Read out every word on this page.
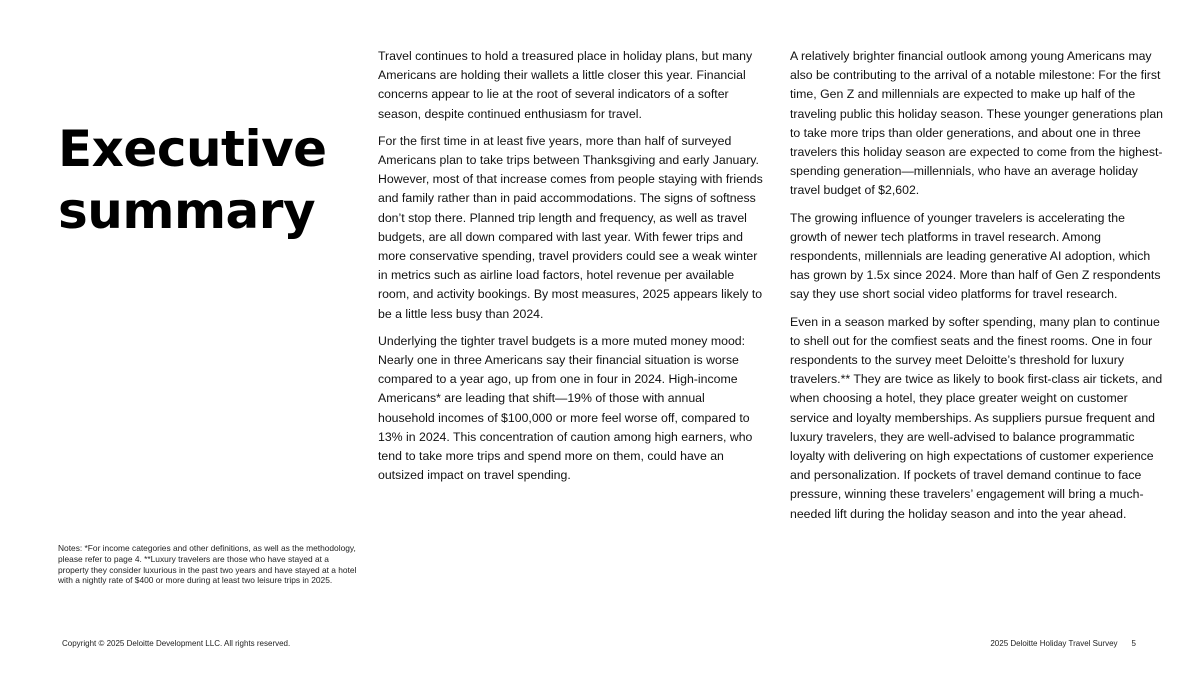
Executive
summary

Travel continues to hold a treasured place in holiday plans, but many Americans are holding their wallets a little closer this year. Financial concerns appear to lie at the root of several indicators of a softer season, despite continued enthusiasm for travel.

For the first time in at least five years, more than half of surveyed Americans plan to take trips between Thanksgiving and early January. However, most of that increase comes from people staying with friends and family rather than in paid accommodations. The signs of softness don’t stop there. Planned trip length and frequency, as well as travel budgets, are all down compared with last year. With fewer trips and more conservative spending, travel providers could see a weak winter in metrics such as airline load factors, hotel revenue per available room, and activity bookings. By most measures, 2025 appears likely to be a little less busy than 2024.

Underlying the tighter travel budgets is a more muted money mood: Nearly one in three Americans say their financial situation is worse compared to a year ago, up from one in four in 2024. High-income Americans* are leading that shift—19% of those with annual household incomes of $100,000 or more feel worse off, compared to 13% in 2024. This concentration of caution among high earners, who tend to take more trips and spend more on them, could have an outsized impact on travel spending.

A relatively brighter financial outlook among young Americans may also be contributing to the arrival of a notable milestone: For the first time, Gen Z and millennials are expected to make up half of the traveling public this holiday season. These younger generations plan to take more trips than older generations, and about one in three travelers this holiday season are expected to come from the highest-spending generation—millennials, who have an average holiday travel budget of $2,602.

The growing influence of younger travelers is accelerating the growth of newer tech platforms in travel research. Among respondents, millennials are leading generative AI adoption, which has grown by 1.5x since 2024. More than half of Gen Z respondents say they use short social video platforms for travel research.

Even in a season marked by softer spending, many plan to continue to shell out for the comfiest seats and the finest rooms. One in four respondents to the survey meet Deloitte’s threshold for luxury travelers.** They are twice as likely to book first-class air tickets, and when choosing a hotel, they place greater weight on customer service and loyalty memberships. As suppliers pursue frequent and luxury travelers, they are well-advised to balance programmatic loyalty with delivering on high expectations of customer experience and personalization. If pockets of travel demand continue to face pressure, winning these travelers’ engagement will bring a much-needed lift during the holiday season and into the year ahead.

Notes: *For income categories and other definitions, as well as the methodology, please refer to page 4. **Luxury travelers are those who have stayed at a property they consider luxurious in the past two years and have stayed at a hotel with a nightly rate of $400 or more during at least two leisure trips in 2025.
Copyright © 2025 Deloitte Development LLC. All rights reserved.	2025 Deloitte Holiday Travel Survey 5
